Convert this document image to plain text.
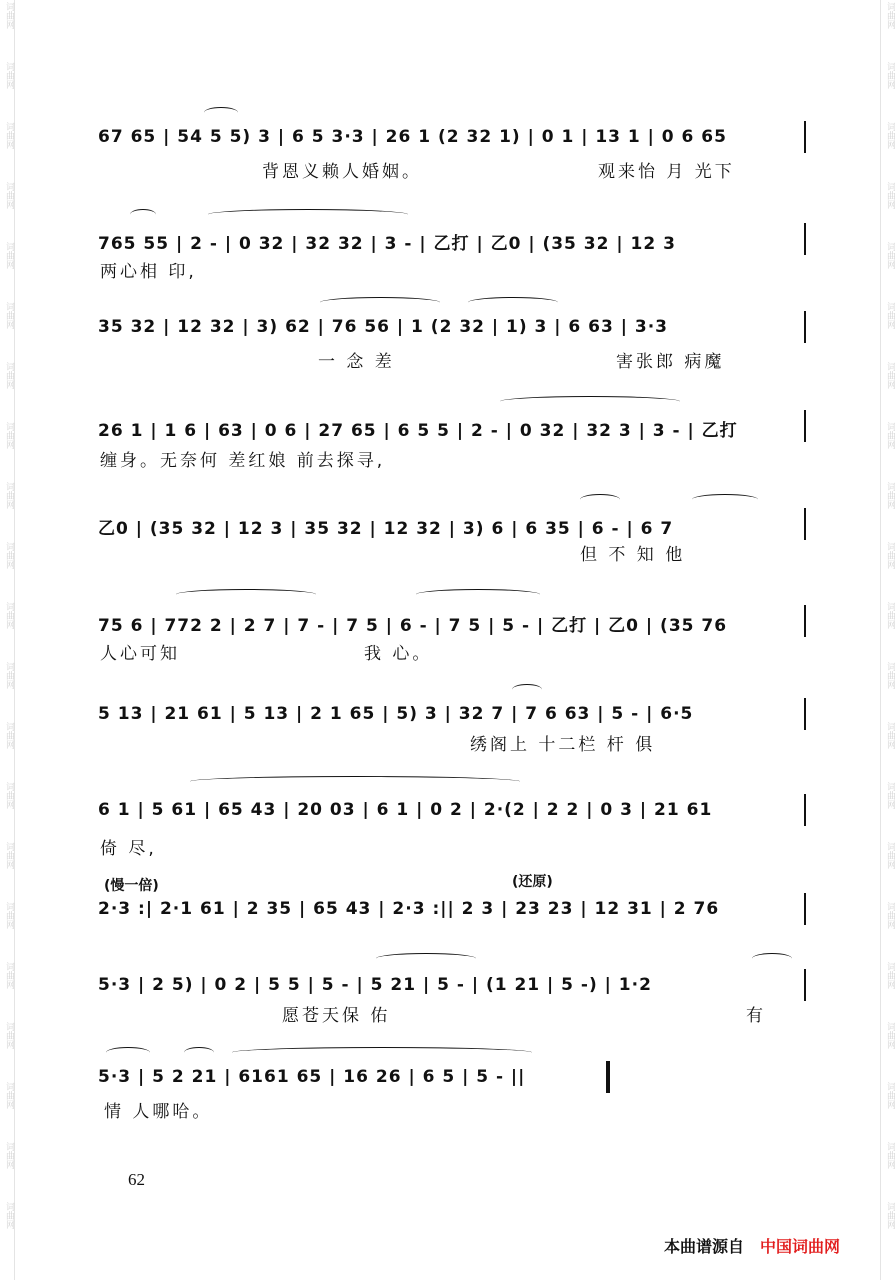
词曲网
词曲网
词曲网
词曲网
词曲网
词曲网
词曲网
词曲网
词曲网
词曲网
词曲网
词曲网
词曲网
词曲网
词曲网
词曲网
词曲网
词曲网
词曲网
词曲网
词曲网
词曲网
词曲网
词曲网
词曲网
词曲网
词曲网
词曲网
词曲网
词曲网
词曲网
词曲网
词曲网
词曲网
词曲网
词曲网
词曲网
词曲网
词曲网
词曲网
词曲网
词曲网
67 65 | 54 5 5) 3 | 6 5 3·3 | 26 1 (2 32 1) | 0 1 | 13 1 | 0 6 65
背恩义赖人婚姻。	观来怡 月 光下
765 55 | 2 - | 0 32 | 32 32 | 3 - | 乙打 | 乙0 | (35 32 | 12 3
两心相 印,
35 32 | 12 32 | 3) 62 | 76 56 | 1 (2 32 | 1) 3 | 6 63 | 3·3
一 念 差	害张郎 病魔
26 1 | 1 6 | 63 | 0 6 | 27 65 | 6 5 5 | 2 - | 0 32 | 32 3 | 3 - | 乙打
缠身。无奈何 差红娘 前去探寻,
乙0 | (35 32 | 12 3 | 35 32 | 12 32 | 3) 6 | 6 35 | 6 - | 6 7
但 不 知 他
75 6 | 772 2 | 2 7 | 7 - | 7 5 | 6 - | 7 5 | 5 - | 乙打 | 乙0 | (35 76
人心可知	我 心。
5 13 | 21 61 | 5 13 | 2 1 65 | 5) 3 | 32 7 | 7 6 63 | 5 - | 6·5
绣阁上 十二栏 杆 俱
6 1 | 5 61 | 65 43 | 20 03 | 6 1 | 0 2 | 2·(2 | 2 2 | 0 3 | 21 61
倚 尽,
(慢一倍)	(还原)
2·3 :| 2·1 61 | 2 35 | 65 43 | 2·3 :|| 2 3 | 23 23 | 12 31 | 2 76
5·3 | 2 5) | 0 2 | 5 5 | 5 - | 5 21 | 5 - | (1 21 | 5 -) | 1·2
愿苍天保 佑	有
5·3 | 5 2 21 | 6161 65 | 16 26 | 6 5 | 5 - ||
情 人哪哈。
62
本曲谱源自 中国词曲网
